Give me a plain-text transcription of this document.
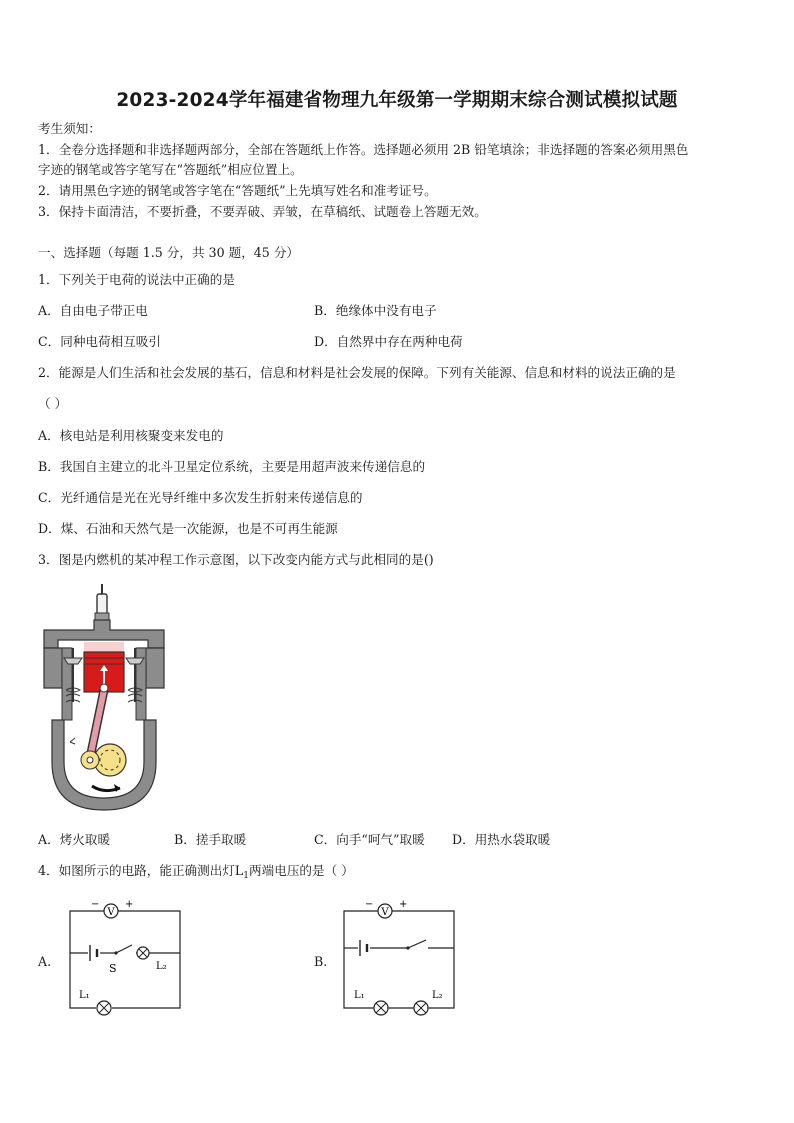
2023-2024学年福建省物理九年级第一学期期末综合测试模拟试题
考生须知：
1．全卷分选择题和非选择题两部分，全部在答题纸上作答。选择题必须用 2B 铅笔填涂；非选择题的答案必须用黑色
字迹的钢笔或答字笔写在“答题纸”相应位置上。
2．请用黑色字迹的钢笔或答字笔在“答题纸”上先填写姓名和准考证号。
3．保持卡面清洁，不要折叠，不要弄破、弄皱，在草稿纸、试题卷上答题无效。
一、选择题（每题 1.5 分，共 30 题，45 分）
1．下列关于电荷的说法中正确的是
A．自由电子带正电	B．绝缘体中没有电子
C．同种电荷相互吸引	D．自然界中存在两种电荷
2．能源是人们生活和社会发展的基石，信息和材料是社会发展的保障。下列有关能源、信息和材料的说法正确的是
（ ）
A．核电站是利用核聚变来发电的
B．我国自主建立的北斗卫星定位系统，主要是用超声波来传递信息的
C．光纤通信是光在光导纤维中多次发生折射来传递信息的
D．煤、石油和天然气是一次能源，也是不可再生能源
3．图是内燃机的某冲程工作示意图，以下改变内能方式与此相同的是()
A．烤火取暖	B．搓手取暖	C．向手“呵气”取暖 D．用热水袋取暖
4．如图所示的电路，能正确测出灯$L_1$两端电压的是（ ）
A.	B.
V
−	+
S	L₂
L₁
V
−	+
L₁	L₂
